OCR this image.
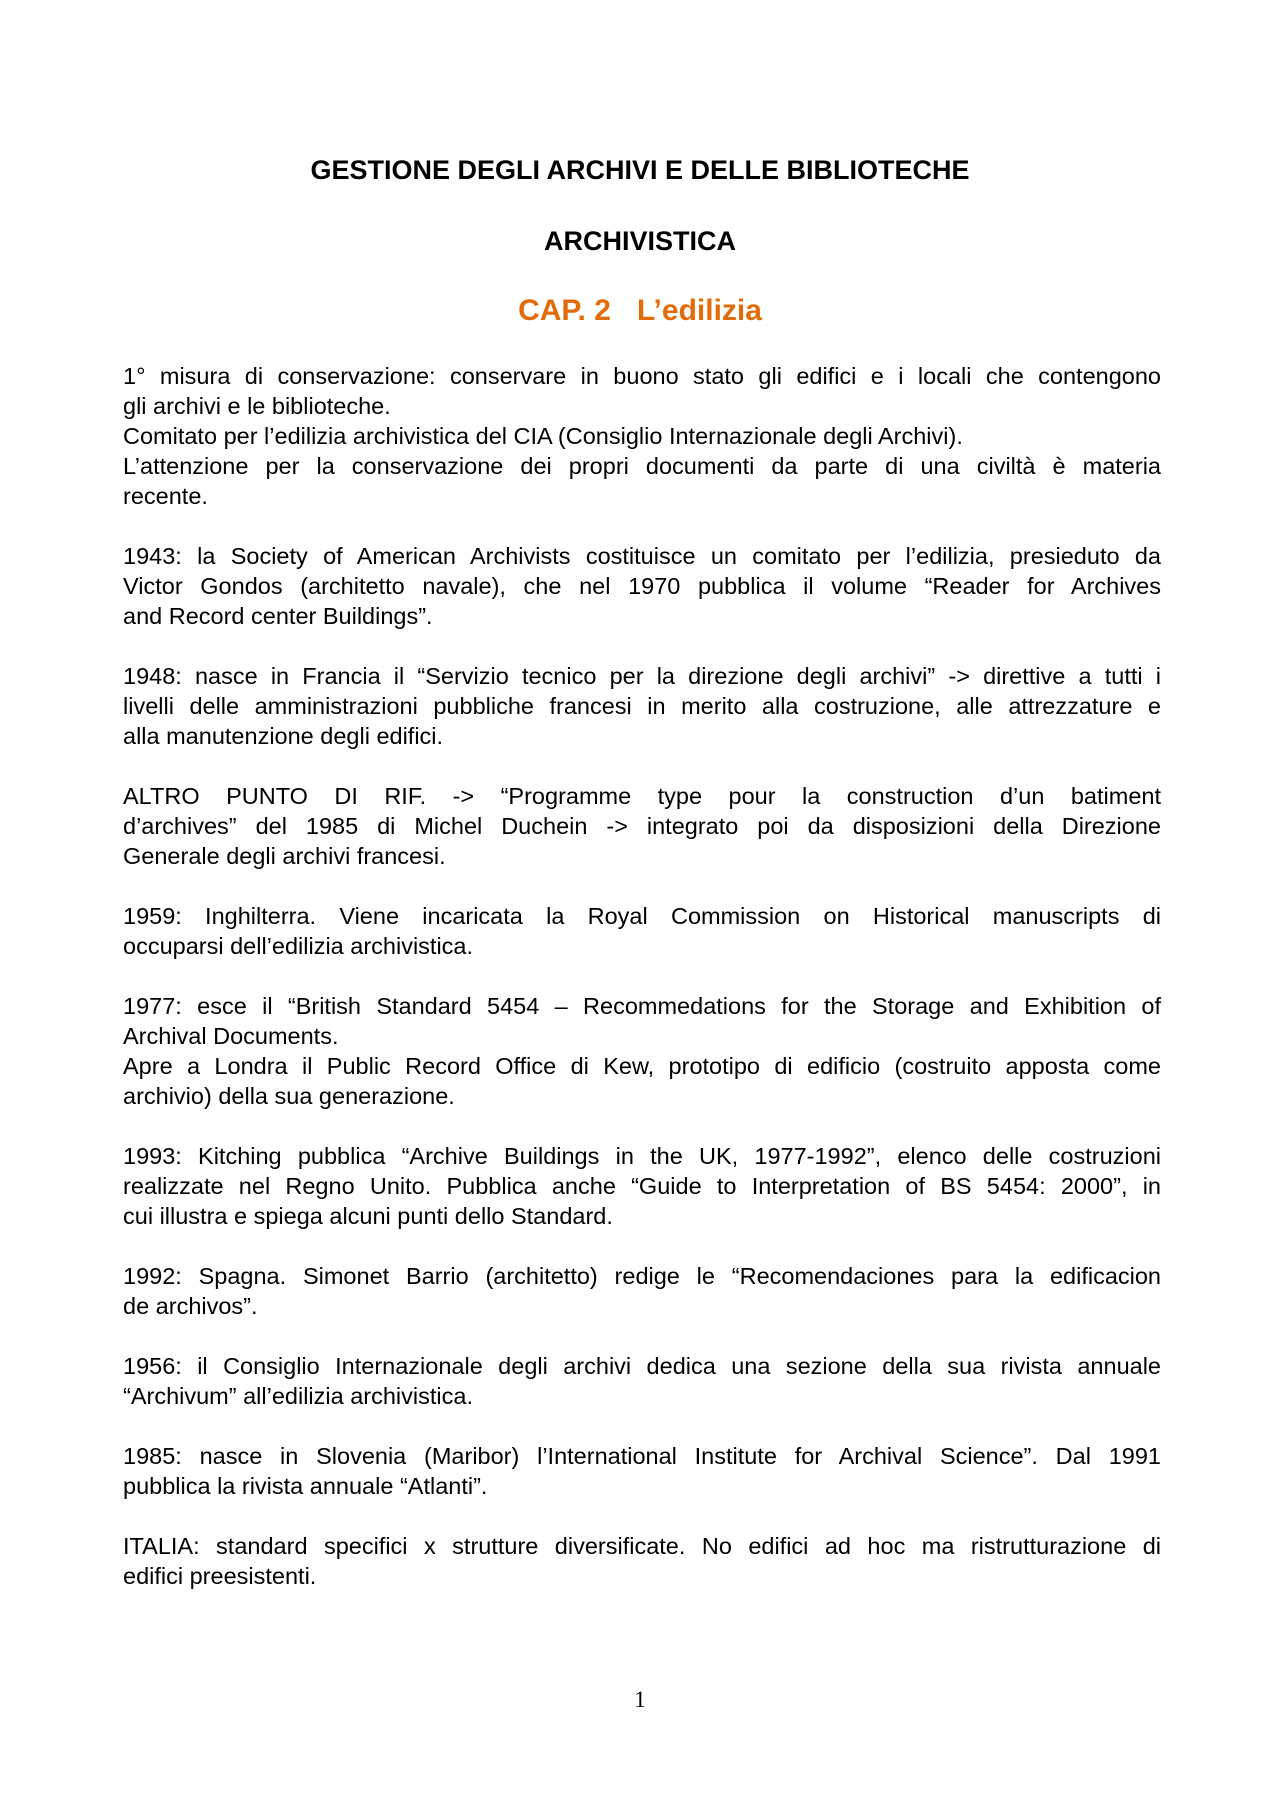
GESTIONE DEGLI ARCHIVI E DELLE BIBLIOTECHE
ARCHIVISTICA
CAP. 2 L’edilizia

1° misura di conservazione: conservare in buono stato gli edifici e i locali che contengono
gli archivi e le biblioteche.
Comitato per l’edilizia archivistica del CIA (Consiglio Internazionale degli Archivi).
L’attenzione per la conservazione dei propri documenti da parte di una civiltà è materia
recente.

1943: la Society of American Archivists costituisce un comitato per l’edilizia, presieduto da
Victor Gondos (architetto navale), che nel 1970 pubblica il volume “Reader for Archives
and Record center Buildings”.

1948: nasce in Francia il “Servizio tecnico per la direzione degli archivi” -> direttive a tutti i
livelli delle amministrazioni pubbliche francesi in merito alla costruzione, alle attrezzature e
alla manutenzione degli edifici.

ALTRO PUNTO DI RIF. -> “Programme type pour la construction d’un batiment
d’archives” del 1985 di Michel Duchein -> integrato poi da disposizioni della Direzione
Generale degli archivi francesi.

1959: Inghilterra. Viene incaricata la Royal Commission on Historical manuscripts di
occuparsi dell’edilizia archivistica.

1977: esce il “British Standard 5454 – Recommedations for the Storage and Exhibition of
Archival Documents.
Apre a Londra il Public Record Office di Kew, prototipo di edificio (costruito apposta come
archivio) della sua generazione.

1993: Kitching pubblica “Archive Buildings in the UK, 1977-1992”, elenco delle costruzioni
realizzate nel Regno Unito. Pubblica anche “Guide to Interpretation of BS 5454: 2000”, in
cui illustra e spiega alcuni punti dello Standard.

1992: Spagna. Simonet Barrio (architetto) redige le “Recomendaciones para la edificacion
de archivos”.

1956: il Consiglio Internazionale degli archivi dedica una sezione della sua rivista annuale
“Archivum” all’edilizia archivistica.

1985: nasce in Slovenia (Maribor) l’International Institute for Archival Science”. Dal 1991
pubblica la rivista annuale “Atlanti”.

ITALIA: standard specifici x strutture diversificate. No edifici ad hoc ma ristrutturazione di
edifici preesistenti.

1
